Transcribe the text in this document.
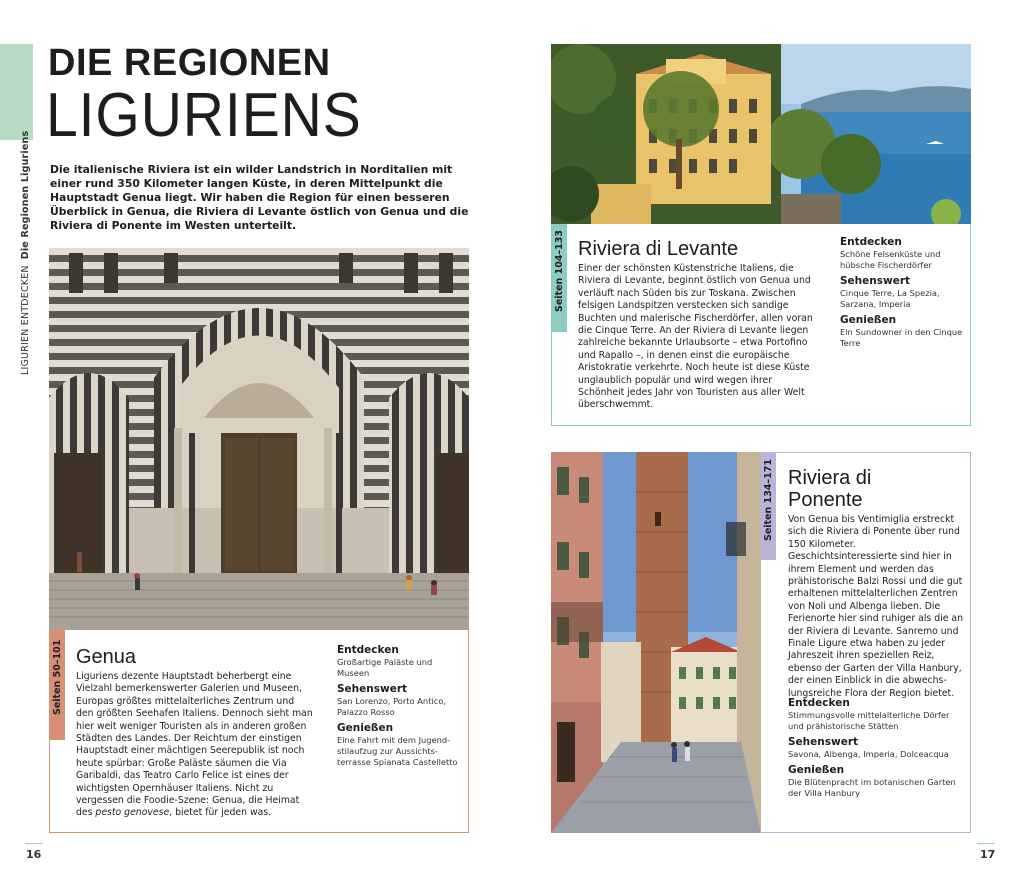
LIGURIEN ENTDECKENDie Regionen Liguriens
DIE REGIONEN
LIGURIENS

Die italienische Riviera ist ein wilder Landstrich in Norditalien mit einer rund 350 Kilometer langen Küste, in deren Mittelpunkt die Hauptstadt Genua liegt. Wir haben die Region für einen besseren Überblick in Genua, die Riviera di Levante östlich von Genua und die Riviera di Ponente im Westen unterteilt.

Seiten 50–101 Genua

Liguriens dezente Hauptstadt beherbergt eine Vielzahl bemerkenswerter Galerien und Museen, Europas größtes mittelalterliches Zentrum und den größten Seehafen Italiens. Dennoch sieht man hier weit weniger Touristen als in anderen großen Städten des Landes. Der Reichtum der einstigen Hauptstadt einer mächtigen Seerepublik ist noch heute spürbar: Große Paläste säumen die Via Garibaldi, das Teatro Carlo Felice ist eines der wichtigsten Opernhäuser Italiens. Nicht zu vergessen die Foodie-Szene: Genua, die Heimat des pesto genovese, bietet für jeden was.

Entdecken
Großartige Paläste und Museen
Sehenswert
San Lorenzo, Porto Antico, Palazzo Rosso
Genießen
Eine Fahrt mit dem Jugend-stilaufzug zur Aussichts-terrasse Spianata Castelletto
Seiten 104–133 Riviera di Levante

Einer der schönsten Küstenstriche Italiens, die Riviera di Levante, beginnt östlich von Genua und verläuft nach Süden bis zur Toskana. Zwischen felsigen Landspitzen verstecken sich sandige Buchten und malerische Fischerdörfer, allen voran die Cinque Terre. An der Riviera di Levante liegen zahlreiche bekannte Urlaubsorte – etwa Portofino und Rapallo –, in denen einst die europäische Aristokratie verkehrte. Noch heute ist diese Küste unglaublich populär und wird wegen ihrer Schönheit jedes Jahr von Touristen aus aller Welt überschwemmt.

Entdecken
Schöne Felsenküste und hübsche Fischerdörfer
Sehenswert
Cinque Terre, La Spezia, Sarzana, Imperia
Genießen
Ein Sundowner in den Cinque Terre
Seiten 134–171 Riviera di
Ponente

Von Genua bis Ventimiglia erstreckt sich die Riviera di Ponente über rund 150 Kilometer. Geschichtsinteressierte sind hier in ihrem Element und werden das prähistorische Balzi Rossi und die gut erhaltenen mittelalterlichen Zentren von Noli und Albenga lieben. Die Ferienorte hier sind ruhiger als die an der Riviera di Levante. Sanremo und Finale Ligure etwa haben zu jeder Jahreszeit ihren speziellen Reiz, ebenso der Garten der Villa Hanbury, der einen Einblick in die abwechs-lungsreiche Flora der Region bietet.

Entdecken
Stimmungsvolle mittelalterliche Dörfer und prähistorische Stätten
Sehenswert
Savona, Albenga, Imperia, Dolceacqua
Genießen
Die Blütenpracht im botanischen Garten der Villa Hanbury
16	17
